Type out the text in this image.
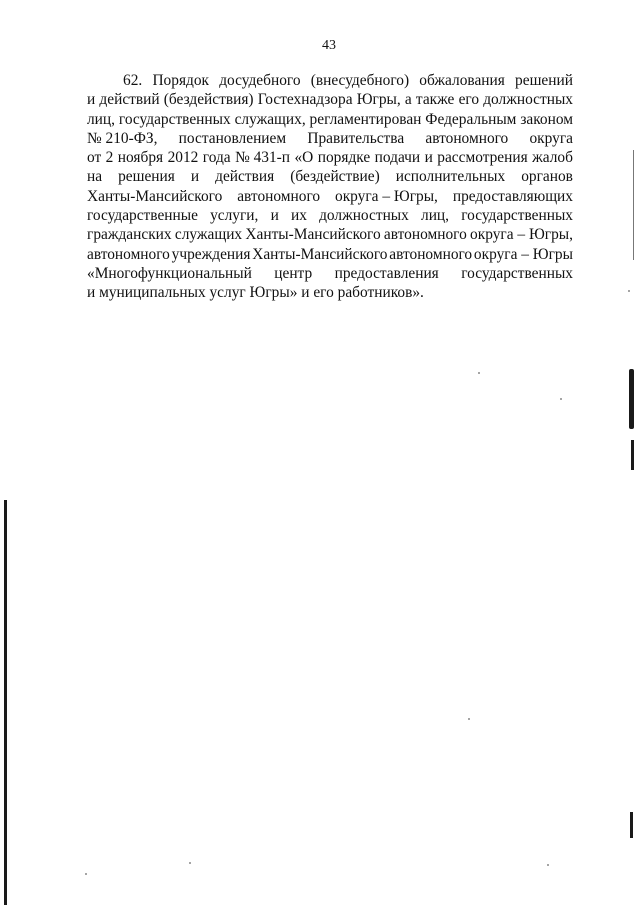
43
62. Порядок досудебного (внесудебного) обжалования решений
и действий (бездействия) Гостехнадзора Югры, а также его должностных
лиц, государственных служащих, регламентирован Федеральным законом
№ 210-ФЗ, постановлением Правительства автономного округа
от 2 ноября 2012 года № 431-п «О порядке подачи и рассмотрения жалоб
на решения и действия (бездействие) исполнительных органов
Ханты-Мансийского автономного округа – Югры, предоставляющих
государственные услуги, и их должностных лиц, государственных
гражданских служащих Ханты-Мансийского автономного округа – Югры,
автономного учреждения Ханты-Мансийского автономного округа – Югры
«Многофункциональный центр предоставления государственных
и муниципальных услуг Югры» и его работников».
